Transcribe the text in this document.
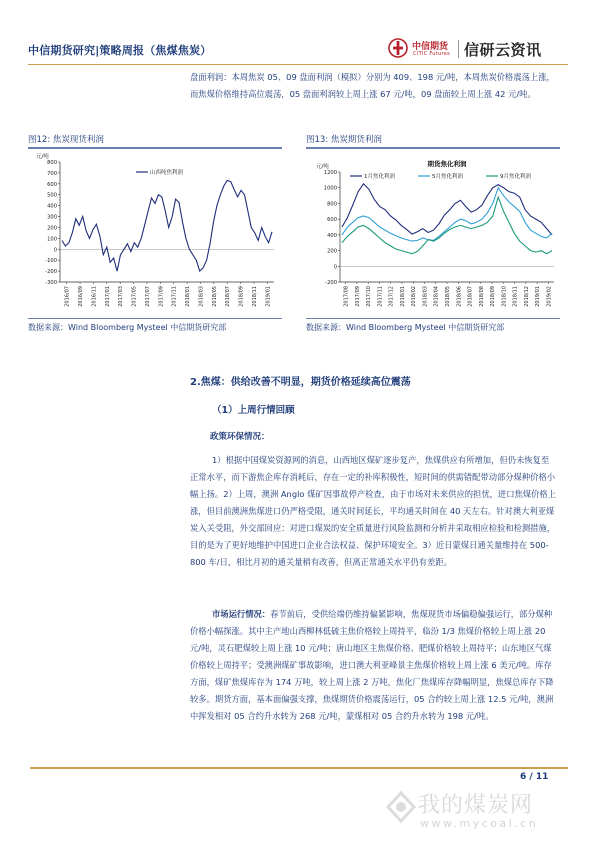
中信期货研究|策略周报（焦煤焦炭）	中信期货
CITIC Futures 信研云资讯
盘面利润：本周焦炭 05、09 盘面利润（模拟）分别为 409、198 元/吨，本周焦炭价格震荡上涨，而焦煤价格维持高位震荡，05 盘面利润较上周上涨 67 元/吨，09 盘面较上周上涨 42 元/吨。
图12: 焦炭现货利润
-300
-200
-100
0
100
200
300
400
500
600
700
800
元/吨
2016/07 2016/09 2016/11 2017/01 2017/03 2017/05 2017/07 2017/09 2017/11 2018/01 2018/03 2018/05 2018/07 2018/09 2018/11 2019/01
山西吨焦利润
数据来源：Wind Bloomberg Mysteel 中信期货研究部
图13: 焦炭期货利润
-200
0
200
400
600
800
1000
1200
元/吨
2017/08 2017/09 2017/10 2017/11 2017/12 2018/01 2018/02 2018/03 2018/04 2018/05 2018/06 2018/07 2018/08 2018/09 2018/10 2018/11 2018/12 2019/01 2019/02
1月焦化利润	5月焦化利润	9月焦化利润
期货焦化利润
数据来源：Wind Bloomberg Mysteel 中信期货研究部
2.焦煤：供给改善不明显，期货价格延续高位震荡
（1）上周行情回顾
政策环保情况：
1）根据中国煤炭资源网的消息，山西地区煤矿逐步复产，焦煤供应有所增加，但仍未恢复至正常水平，而下游焦企库存消耗后，存在一定的补库积极性，短时间的供需错配带动部分煤种价格小幅上扬。2）上周，澳洲 Anglo 煤矿因事故停产检查，由于市场对未来供应的担忧，进口焦煤价格上涨，但目前澳洲焦煤进口仍严格受限，通关时间延长，平均通关时间在 40 天左右。针对澳大利亚煤炭入关受阻，外交部回应：对进口煤炭的安全质量进行风险监测和分析并采取相应检验和检测措施，目的是为了更好地维护中国进口企业合法权益、保护环境安全。3）近日蒙煤日通关量维持在 500-800 车/日，相比月初的通关量稍有改善，但离正常通关水平仍有差距。
市场运行情况：春节前后，受供给端仍维持偏紧影响，焦煤现货市场偏稳偏强运行，部分煤种价格小幅探涨。其中主产地山西柳林低硫主焦价格较上周持平，临汾 1/3 焦煤价格较上周上涨 20 元/吨，灵石肥煤较上周上涨 10 元/吨；唐山地区主焦煤价格、肥煤价格较上周持平；山东地区气煤价格较上周持平；受澳洲煤矿事故影响，进口澳大利亚峰景主焦煤价格较上周上涨 6 美元/吨。库存方面，煤矿焦煤库存为 174 万吨，较上周上涨 2 万吨，焦化厂焦煤库存降幅明显，焦煤总库存下降较多。期货方面，基本面偏强支撑，焦煤期货价格震荡运行，05 合约较上周上涨 12.5 元/吨，澳洲中挥发相对 05 合约升水转为 268 元/吨，蒙煤相对 05 合约升水转为 198 元/吨。
6 / 11
我的煤炭网
www.mycoal.cn
